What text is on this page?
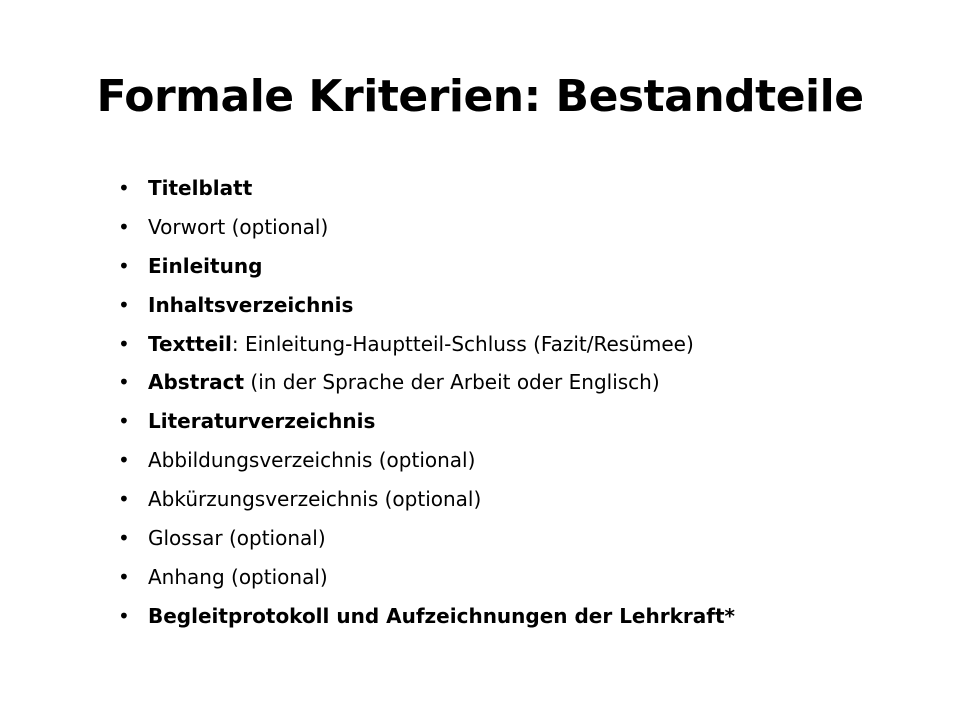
Formale Kriterien: Bestandteile
• Titelblatt
• Vorwort (optional)
• Einleitung
• Inhaltsverzeichnis
• Textteil: Einleitung-Hauptteil-Schluss (Fazit/Resümee)
• Abstract (in der Sprache der Arbeit oder Englisch)
• Literaturverzeichnis
• Abbildungsverzeichnis (optional)
• Abkürzungsverzeichnis (optional)
• Glossar (optional)
• Anhang (optional)
• Begleitprotokoll und Aufzeichnungen der Lehrkraft*
